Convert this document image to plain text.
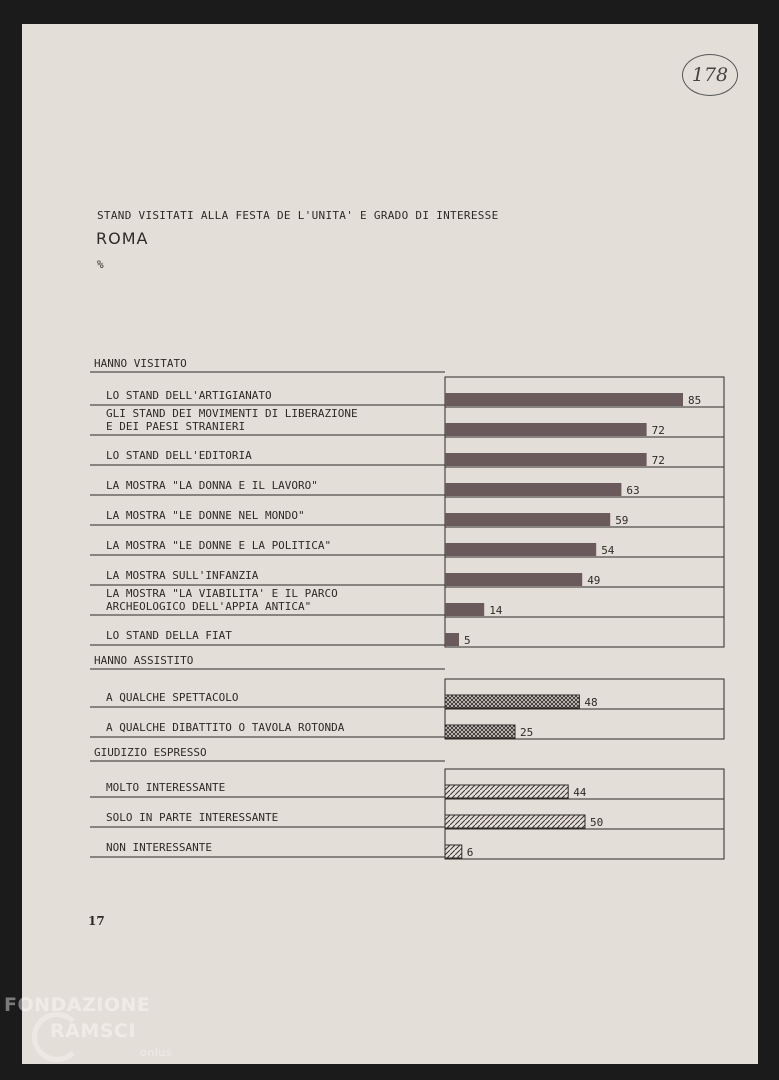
178
STAND VISITATI ALLA FESTA DE L'UNITA' E GRADO DI INTERESSE
ROMA
%
HANNO VISITATO
LO STAND DELL'ARTIGIANATO	85
GLI STAND DEI MOVIMENTI DI LIBERAZIONE
E DEI PAESI STRANIERI	72
LO STAND DELL'EDITORIA	72
LA MOSTRA "LA DONNA E IL LAVORO"	63
LA MOSTRA "LE DONNE NEL MONDO"	59
LA MOSTRA "LE DONNE E LA POLITICA"	54
LA MOSTRA SULL'INFANZIA	49
LA MOSTRA "LA VIABILITA' E IL PARCO
ARCHEOLOGICO DELL'APPIA ANTICA"	14
LO STAND DELLA FIAT	5
HANNO ASSISTITO
A QUALCHE SPETTACOLO	48
A QUALCHE DIBATTITO O TAVOLA ROTONDA	25
GIUDIZIO ESPRESSO
MOLTO INTERESSANTE	44
SOLO IN PARTE INTERESSANTE	50
NON INTERESSANTE	6
17
FONDAZIONE
RAMSCI
onlus
